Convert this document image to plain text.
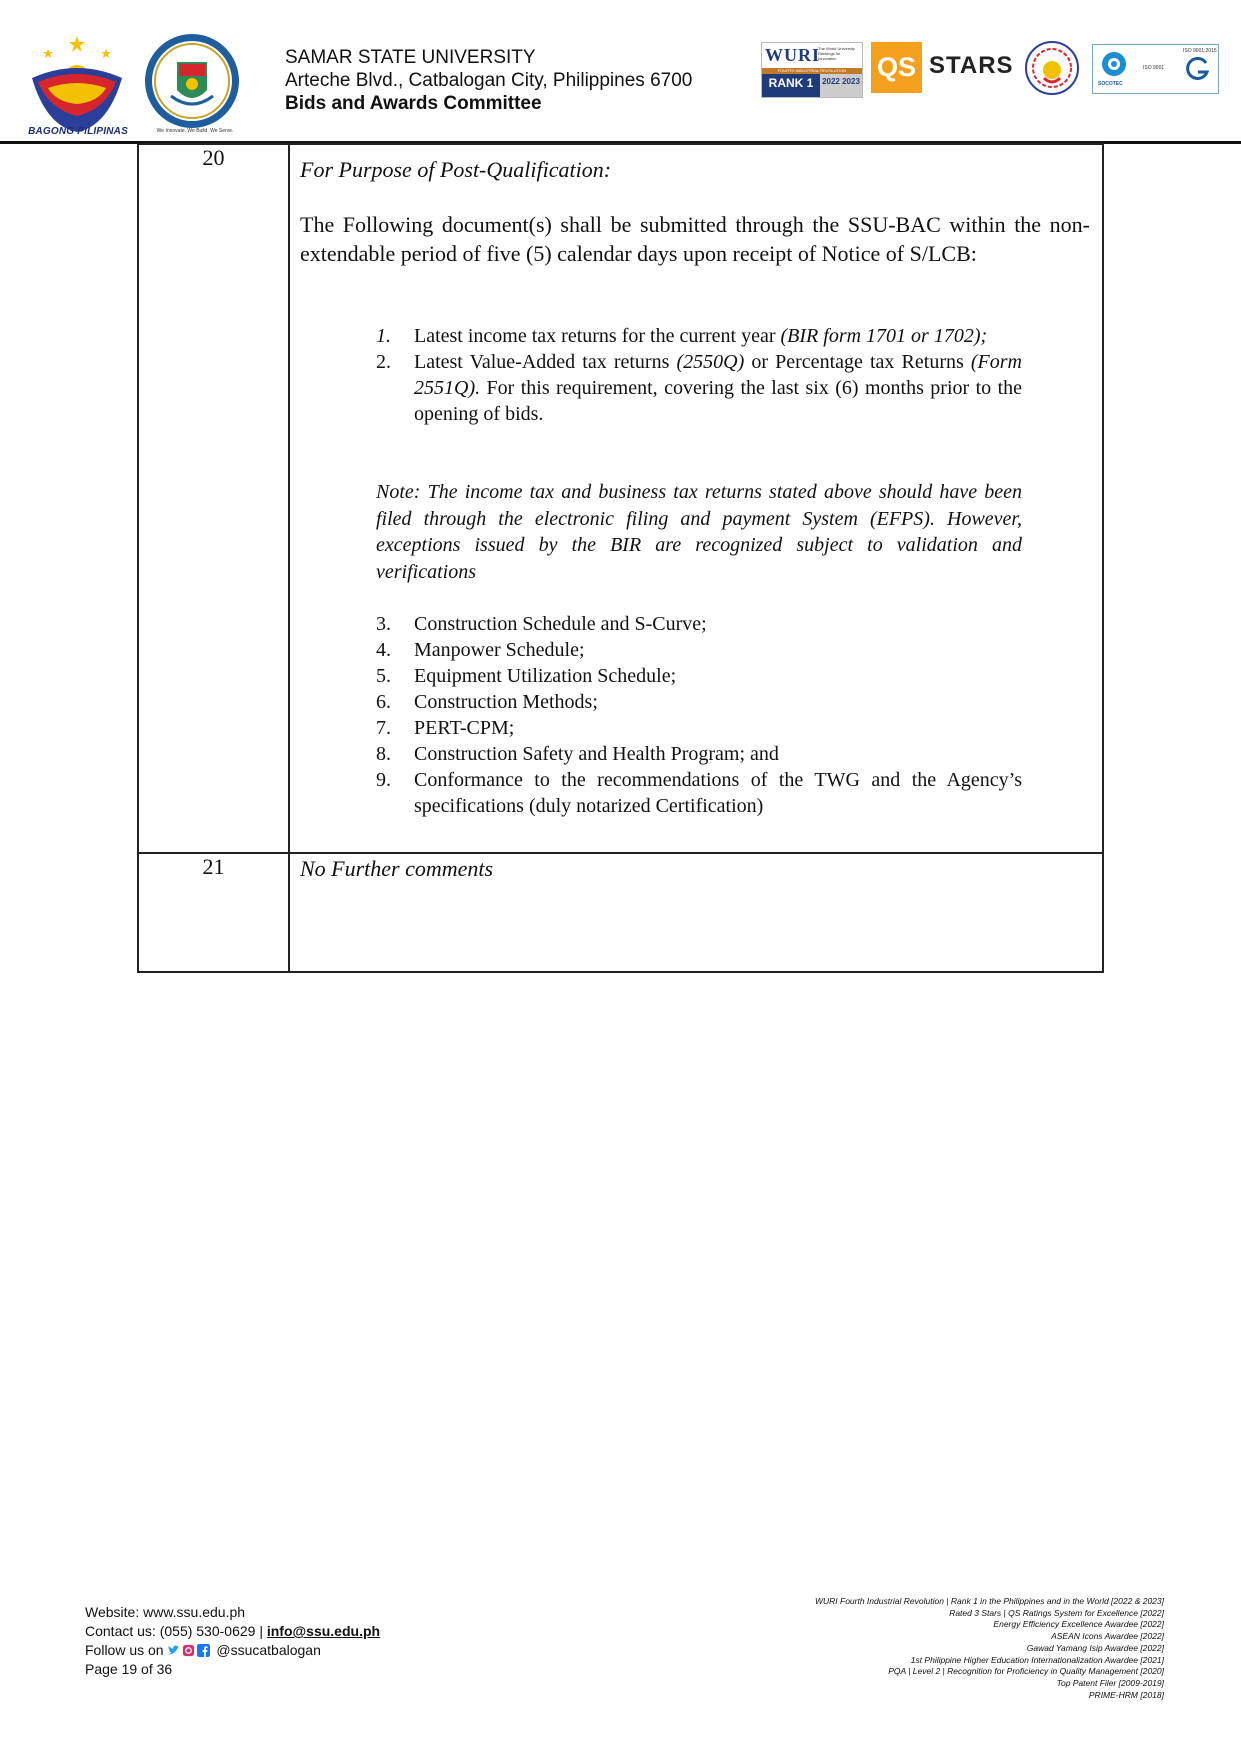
BAGONG PILIPINAS	We Innovate. We Build. We Serve.
SAMAR STATE UNIVERSITY
Arteche Blvd., Catbalogan City, Philippines 6700
Bids and Awards Committee
WURI
The World University Rankings for Innovation
FOURTH INDUSTRIAL REVOLUTION
RANK 1	2022 2023 QS STARS
SOCOTEC
ISO 9001
ISO 9001:2015
20	For Purpose of Post-Qualification:
The Following document(s) shall be submitted through the SSU-BAC within the non-extendable period of five (5) calendar days upon receipt of Notice of S/LCB:
1. Latest income tax returns for the current year (BIR form 1701 or 1702);
2. Latest Value-Added tax returns (2550Q) or Percentage tax Returns (Form 2551Q). For this requirement, covering the last six (6) months prior to the opening of bids.
Note: The income tax and business tax returns stated above should have been filed through the electronic filing and payment System (EFPS). However, exceptions issued by the BIR are recognized subject to validation and verifications
3. Construction Schedule and S-Curve;
4. Manpower Schedule;
5. Equipment Utilization Schedule;
6. Construction Methods;
7. PERT-CPM;
8. Construction Safety and Health Program; and
9. Conformance to the recommendations of the TWG and the Agency’s specifications (duly notarized Certification)
21	No Further comments
Website: www.ssu.edu.ph
Contact us: (055) 530-0629 | info@ssu.edu.ph
Follow us on	@ssucatbalogan
Page 19 of 36
WURI Fourth Industrial Revolution | Rank 1 in the Philippines and in the World [2022 & 2023]
Rated 3 Stars | QS Ratings System for Excellence [2022]
Energy Efficiency Excellence Awardee [2022]
ASEAN Icons Awardee [2022]
Gawad Yamang Isip Awardee [2022]
1st Philippine Higher Education Internationalization Awardee [2021]
PQA | Level 2 | Recognition for Proficiency in Quality Management [2020]
Top Patent Filer [2009-2019]
PRIME-HRM [2018]
